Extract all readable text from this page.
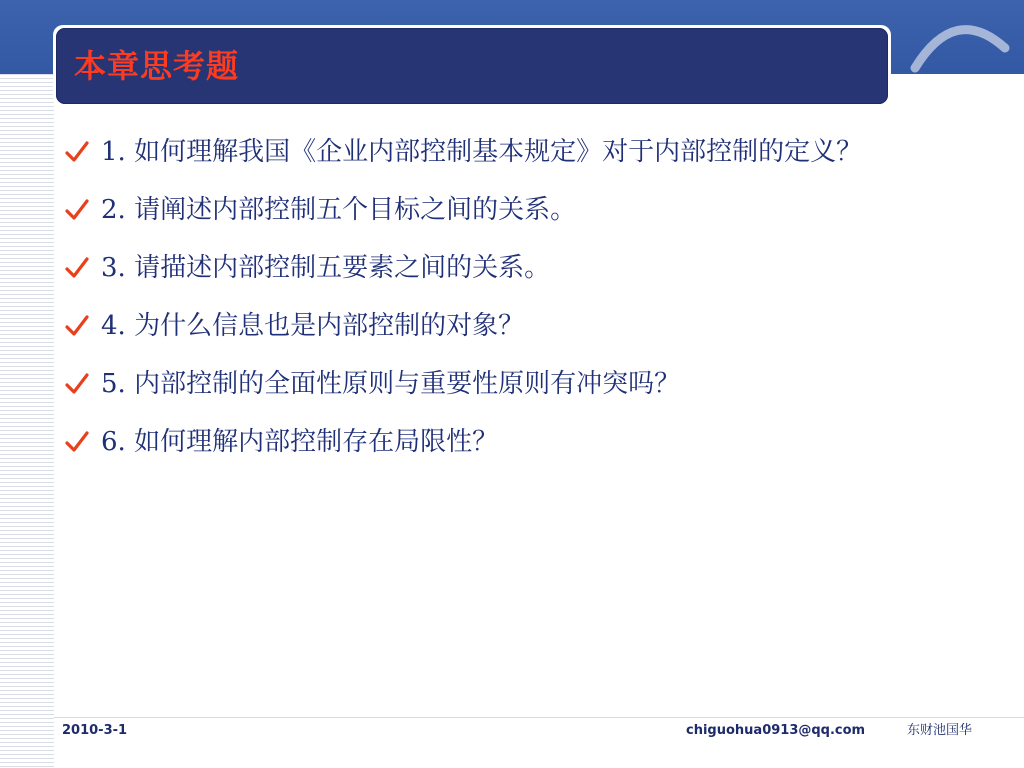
本章思考题
1. 如何理解我国《企业内部控制基本规定》对于内部控制的定义？
2. 请阐述内部控制五个目标之间的关系。
3. 请描述内部控制五要素之间的关系。
4. 为什么信息也是内部控制的对象？
5. 内部控制的全面性原则与重要性原则有冲突吗？
6. 如何理解内部控制存在局限性？
2010-3-1	chiguohua0913@qq.com	东财池国华
